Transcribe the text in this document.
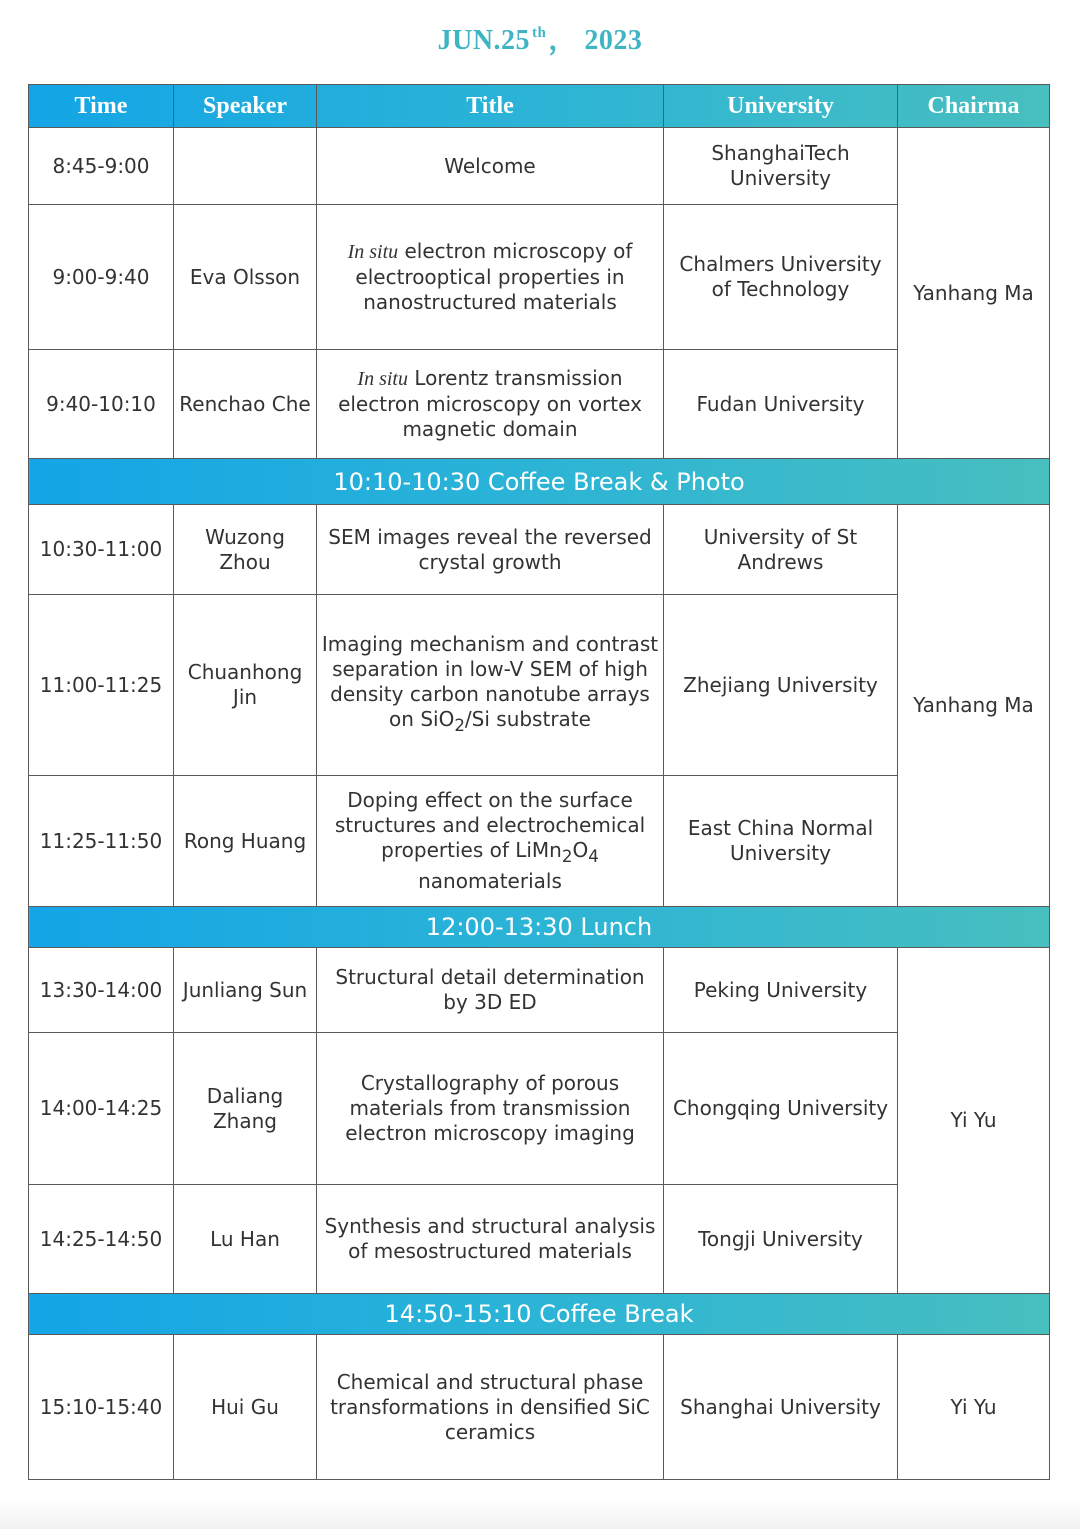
JUN.25 $^{th}$， 2023
Time	Speaker	Title	University	Chairma
8:45-9:00		Welcome	ShanghaiTech University	Yanhang Ma
9:00-9:40	Eva Olsson	In situ electron microscopy of electrooptical properties in nanostructured materials	Chalmers University of Technology	
9:40-10:10	Renchao Che	In situ Lorentz transmission electron microscopy on vortex magnetic domain	Fudan University	
10:10-10:30 Coffee Break & Photo				
10:30-11:00	Wuzong Zhou	SEM images reveal the reversed crystal growth	University of St Andrews	Yanhang Ma
11:00-11:25	Chuanhong Jin	Imaging mechanism and contrast separation in low-V SEM of high density carbon nanotube arrays on SiO$_2$/Si substrate	Zhejiang University	
11:25-11:50	Rong Huang	Doping effect on the surface structures and electrochemical properties of $LiMn_2O_4$ nanomaterials	East China Normal University	
12:00-13:30 Lunch				
13:30-14:00	Junliang Sun	Structural detail determination by 3D ED	Peking University	Yi Yu
14:00-14:25	Daliang Zhang	Crystallography of porous materials from transmission electron microscopy imaging	Chongqing University	
14:25-14:50	Lu Han	Synthesis and structural analysis of mesostructured materials	Tongji University	
14:50-15:10 Coffee Break				
15:10-15:40	Hui Gu	Chemical and structural phase transformations in densified SiC ceramics	Shanghai University	Yi Yu
